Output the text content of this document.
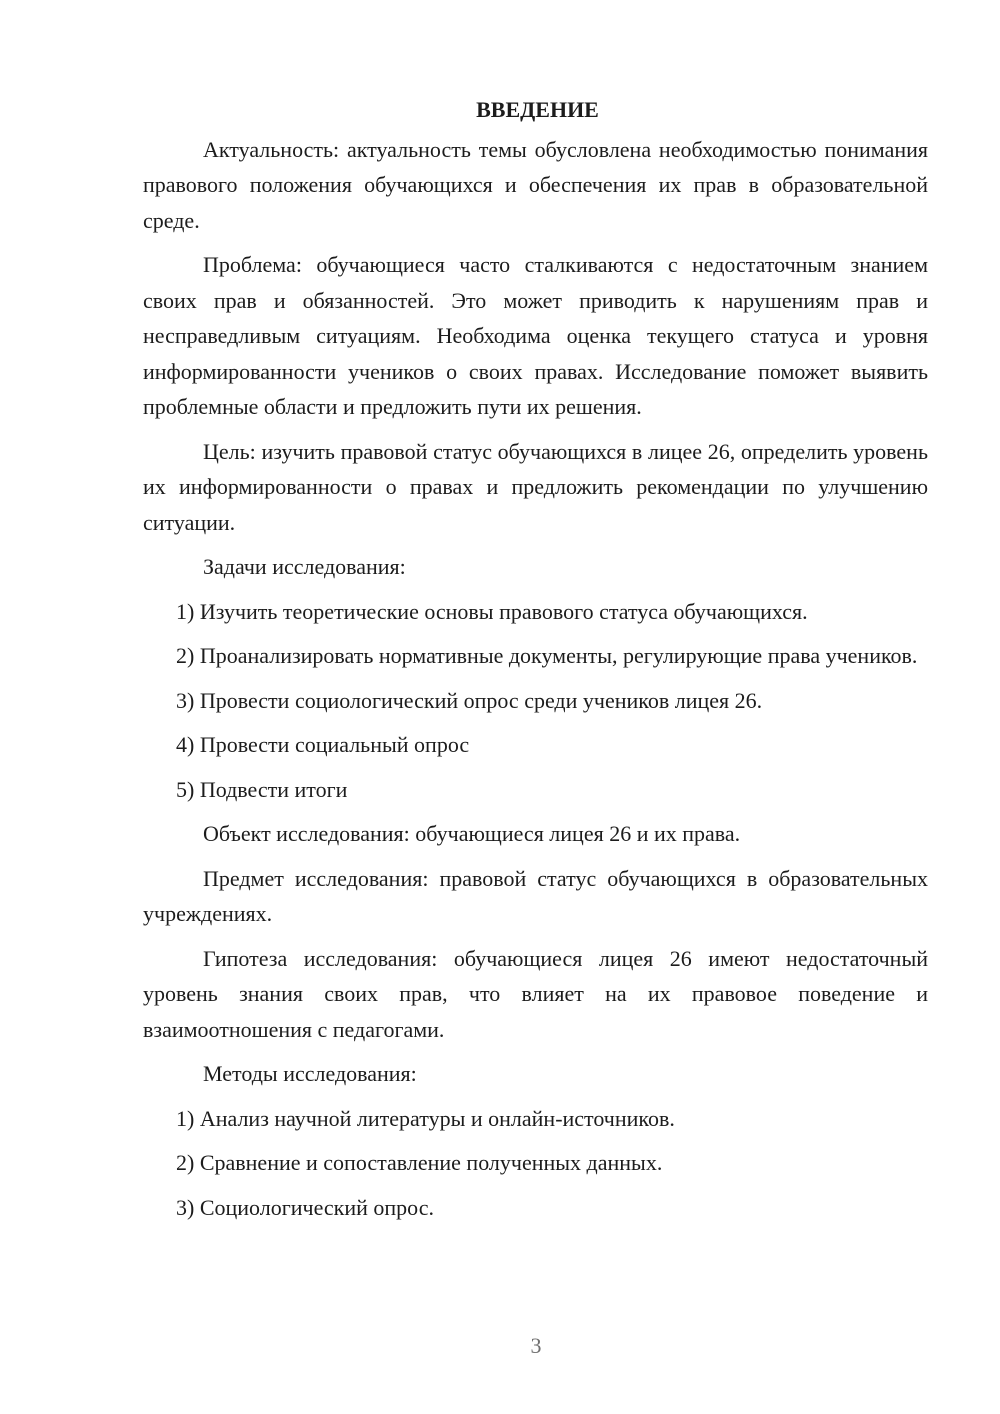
ВВЕДЕНИЕ
Актуальность: актуальность темы обусловлена необходимостью понимания правового положения обучающихся и обеспечения их прав в образовательной среде.
Проблема: обучающиеся часто сталкиваются с недостаточным знанием своих прав и обязанностей. Это может приводить к нарушениям прав и несправедливым ситуациям. Необходима оценка текущего статуса и уровня информированности учеников о своих правах. Исследование поможет выявить проблемные области и предложить пути их решения.
Цель: изучить правовой статус обучающихся в лицее 26, определить уровень их информированности о правах и предложить рекомендации по улучшению ситуации.
Задачи исследования:
1) Изучить теоретические основы правового статуса обучающихся.
2) Проанализировать нормативные документы, регулирующие права учеников.
3) Провести социологический опрос среди учеников лицея 26.
4) Провести социальный опрос
5) Подвести итоги
Объект исследования: обучающиеся лицея 26 и их права.
Предмет исследования: правовой статус обучающихся в образовательных учреждениях.
Гипотеза исследования: обучающиеся лицея 26 имеют недостаточный уровень знания своих прав, что влияет на их правовое поведение и взаимоотношения с педагогами.
Методы исследования:
1) Анализ научной литературы и онлайн-источников.
2) Сравнение и сопоставление полученных данных.
3) Социологический опрос.
3
